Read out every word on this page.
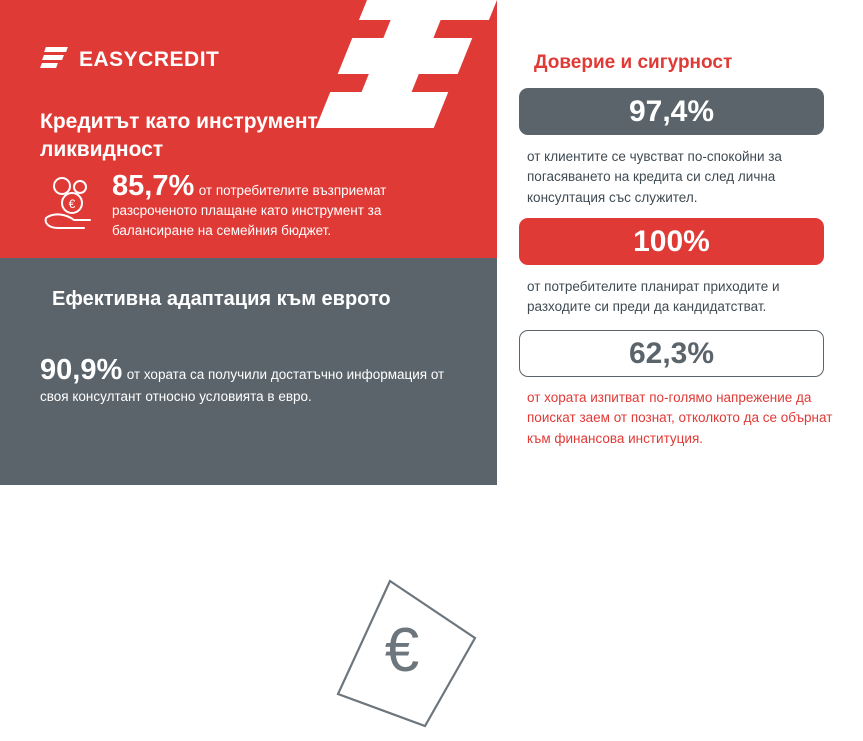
EASYCREDIT
Кредитът като инструмент за ликвидност
€
85,7% от потребителите възприемат разсроченото плащане като инструмент за балансиране на семейния бюджет.
€
Ефективна адаптация към еврото
90,9% от хората са получили достатъчно информация от своя консултант относно условията в евро.
Доверие и сигурност
97,4%
от клиентите се чувстват по-спокойни за погасяването на кредита си след лична консултация със служител.
100%
от потребителите планират приходите и разходите си преди да кандидатстват.
62,3%
от хората изпитват по-голямо напрежение да поискат заем от познат, отколкото да се обърнат към финансова институция.
